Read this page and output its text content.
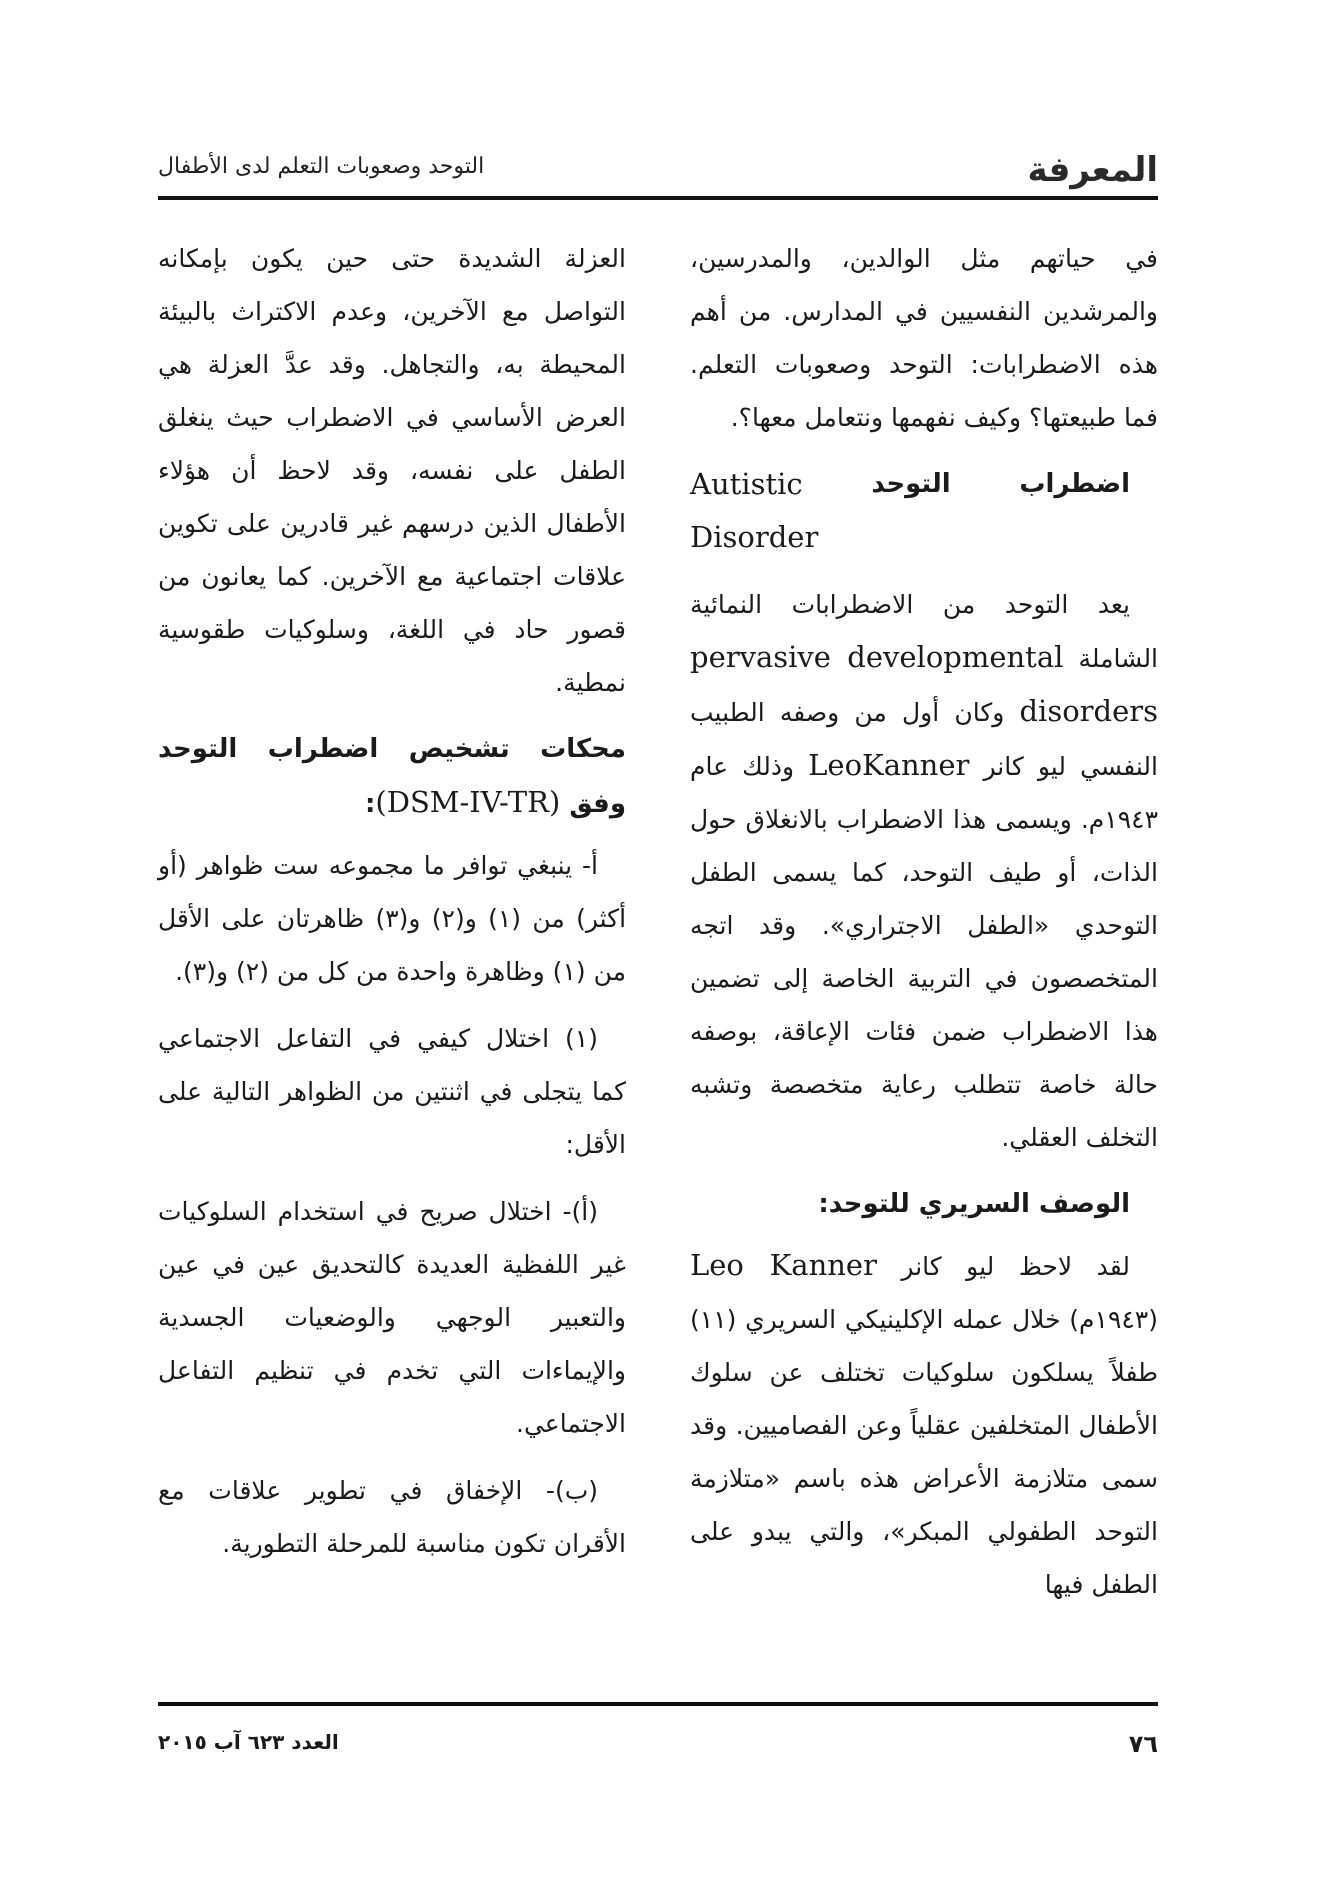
المعرفة
التوحد وصعوبات التعلم لدى الأطفال

في حياتهم مثل الوالدين، والمدرسين، والمرشدين النفسيين في المدارس. من أهم هذه الاضطرابات: التوحد وصعوبات التعلم. فما طبيعتها؟ وكيف نفهمها ونتعامل معها؟.

اضطراب
التوحد
Autistic
Disorder

يعد التوحد من الاضطرابات النمائية الشاملة pervasive developmental disorders وكان أول من وصفه الطبيب النفسي ليو كانر LeoKanner وذلك عام ١٩٤٣م. ويسمى هذا الاضطراب بالانغلاق حول الذات، أو طيف التوحد، كما يسمى الطفل التوحدي «الطفل الاجتراري». وقد اتجه المتخصصون في التربية الخاصة إلى تضمين هذا الاضطراب ضمن فئات الإعاقة، بوصفه حالة خاصة تتطلب رعاية متخصصة وتشبه التخلف العقلي.

الوصف السريري للتوحد:

لقد لاحظ ليو كانر Leo Kanner (١٩٤٣م) خلال عمله الإكلينيكي السريري (١١) طفلاً يسلكون سلوكيات تختلف عن سلوك الأطفال المتخلفين عقلياً وعن الفصاميين. وقد سمى متلازمة الأعراض هذه باسم «متلازمة التوحد الطفولي المبكر»، والتي يبدو على الطفل فيها

العزلة الشديدة حتى حين يكون بإمكانه التواصل مع الآخرين، وعدم الاكتراث بالبيئة المحيطة به، والتجاهل. وقد عدَّ العزلة هي العرض الأساسي في الاضطراب حيث ينغلق الطفل على نفسه، وقد لاحظ أن هؤلاء الأطفال الذين درسهم غير قادرين على تكوين علاقات اجتماعية مع الآخرين. كما يعانون من قصور حاد في اللغة، وسلوكيات طقوسية نمطية.

محكات تشخيص اضطراب التوحد وفق (DSM-IV-TR):

أ- ينبغي توافر ما مجموعه ست ظواهر (أو أكثر) من (١) و(٢) و(٣) ظاهرتان على الأقل من (١) وظاهرة واحدة من كل من (٢) و(٣).

(١) اختلال كيفي في التفاعل الاجتماعي كما يتجلى في اثنتين من الظواهر التالية على الأقل:

(أ)- اختلال صريح في استخدام السلوكيات غير اللفظية العديدة كالتحديق عين في عين والتعبير الوجهي والوضعيات الجسدية والإيماءات التي تخدم في تنظيم التفاعل الاجتماعي.

(ب)- الإخفاق في تطوير علاقات مع الأقران تكون مناسبة للمرحلة التطورية.

٧٦
العدد ٦٢٣ آب ٢٠١٥
